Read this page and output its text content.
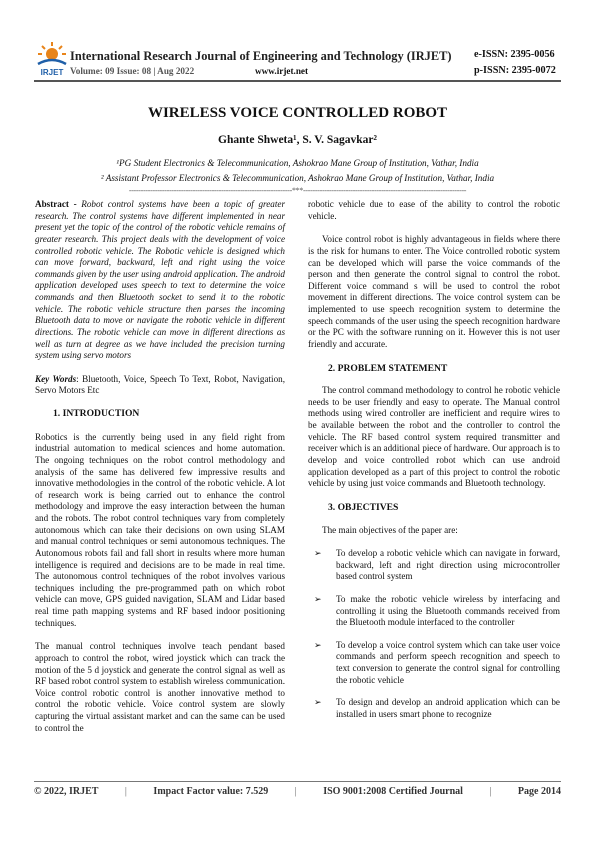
IRJET
International Research Journal of Engineering and Technology (IRJET) e-ISSN: 2395-0056
Volume: 09 Issue: 08 | Aug 2022	www.irjet.net	p-ISSN: 2395-0072
WIRELESS VOICE CONTROLLED ROBOT
Ghante Shweta¹, S. V. Sagavkar²
¹PG Student Electronics & Telecommunication, Ashokrao Mane Group of Institution, Vathar, India
² Assistant Professor Electronics & Telecommunication, Ashokrao Mane Group of Institution, Vathar, India
---------------------------------------------------------------------***---------------------------------------------------------------------

Abstract - Robot control systems have been a topic of greater research. The control systems have different implemented in near present yet the topic of the control of the robotic vehicle remains of greater research. This project deals with the development of voice controlled robotic vehicle. The Robotic vehicle is designed which can move forward, backward, left and right using the voice commands given by the user using android application. The android application developed uses speech to text to determine the voice commands and then Bluetooth socket to send it to the robotic vehicle. The robotic vehicle structure then parses the incoming Bluetooth data to move or navigate the robotic vehicle in different directions. The robotic vehicle can move in different directions as well as turn at degree as we have included the precision turning system using servo motors

Key Words: Bluetooth, Voice, Speech To Text, Robot, Navigation, Servo Motors Etc

1. INTRODUCTION

Robotics is the currently being used in any field right from industrial automation to medical sciences and home automation. The ongoing techniques on the robot control methodology and analysis of the same has delivered few impressive results and innovative methodologies in the control of the robotic vehicle. A lot of research work is being carried out to enhance the control methodology and improve the easy interaction between the human and the robots. The robot control techniques vary from completely autonomous which can take their decisions on own using SLAM and manual control techniques or semi autonomous techniques. The Autonomous robots fail and fall short in results where more human intelligence is required and decisions are to be made in real time. The autonomous control techniques of the robot involves various techniques including the pre-programmed path on which robot vehicle can move, GPS guided navigation, SLAM and Lidar based real time path mapping systems and RF based indoor positioning techniques.

The manual control techniques involve teach pendant based approach to control the robot, wired joystick which can track the motion of the 5 d joystick and generate the control signal as well as RF based robot control system to establish wireless communication. Voice control robotic control is another innovative method to control the robotic vehicle. Voice control system are slowly capturing the virtual assistant market and can the same can be used to control the

robotic vehicle due to ease of the ability to control the robotic vehicle.

Voice control robot is highly advantageous in fields where there is the risk for humans to enter. The Voice controlled robotic system can be developed which will parse the voice commands of the person and then generate the control signal to control the robot. Different voice command s will be used to control the robot movement in different directions. The voice control system can be implemented to use speech recognition system to determine the speech commands of the user using the speech recognition hardware or the PC with the software running on it. However this is not user friendly and accurate.

2. PROBLEM STATEMENT

The control command methodology to control he robotic vehicle needs to be user friendly and easy to operate. The Manual control methods using wired controller are inefficient and require wires to be available between the robot and the controller to control the vehicle. The RF based control system required transmitter and receiver which is an additional piece of hardware. Our approach is to develop and voice controlled robot which can use android application developed as a part of this project to control the robotic vehicle by using just voice commands and Bluetooth technology.

3. OBJECTIVES

The main objectives of the paper are:

➢	To develop a robotic vehicle which can navigate in forward, backward, left and right direction using microcontroller based control system
➢	To make the robotic vehicle wireless by interfacing and controlling it using the Bluetooth commands received from the Bluetooth module interfaced to the controller
➢	To develop a voice control system which can take user voice commands and perform speech recognition and speech to text conversion to generate the control signal for controlling the robotic vehicle
➢	To design and develop an android application which can be installed in users smart phone to recognize
© 2022, IRJET	|	Impact Factor value: 7.529	|	ISO 9001:2008 Certified Journal	|	Page 2014
